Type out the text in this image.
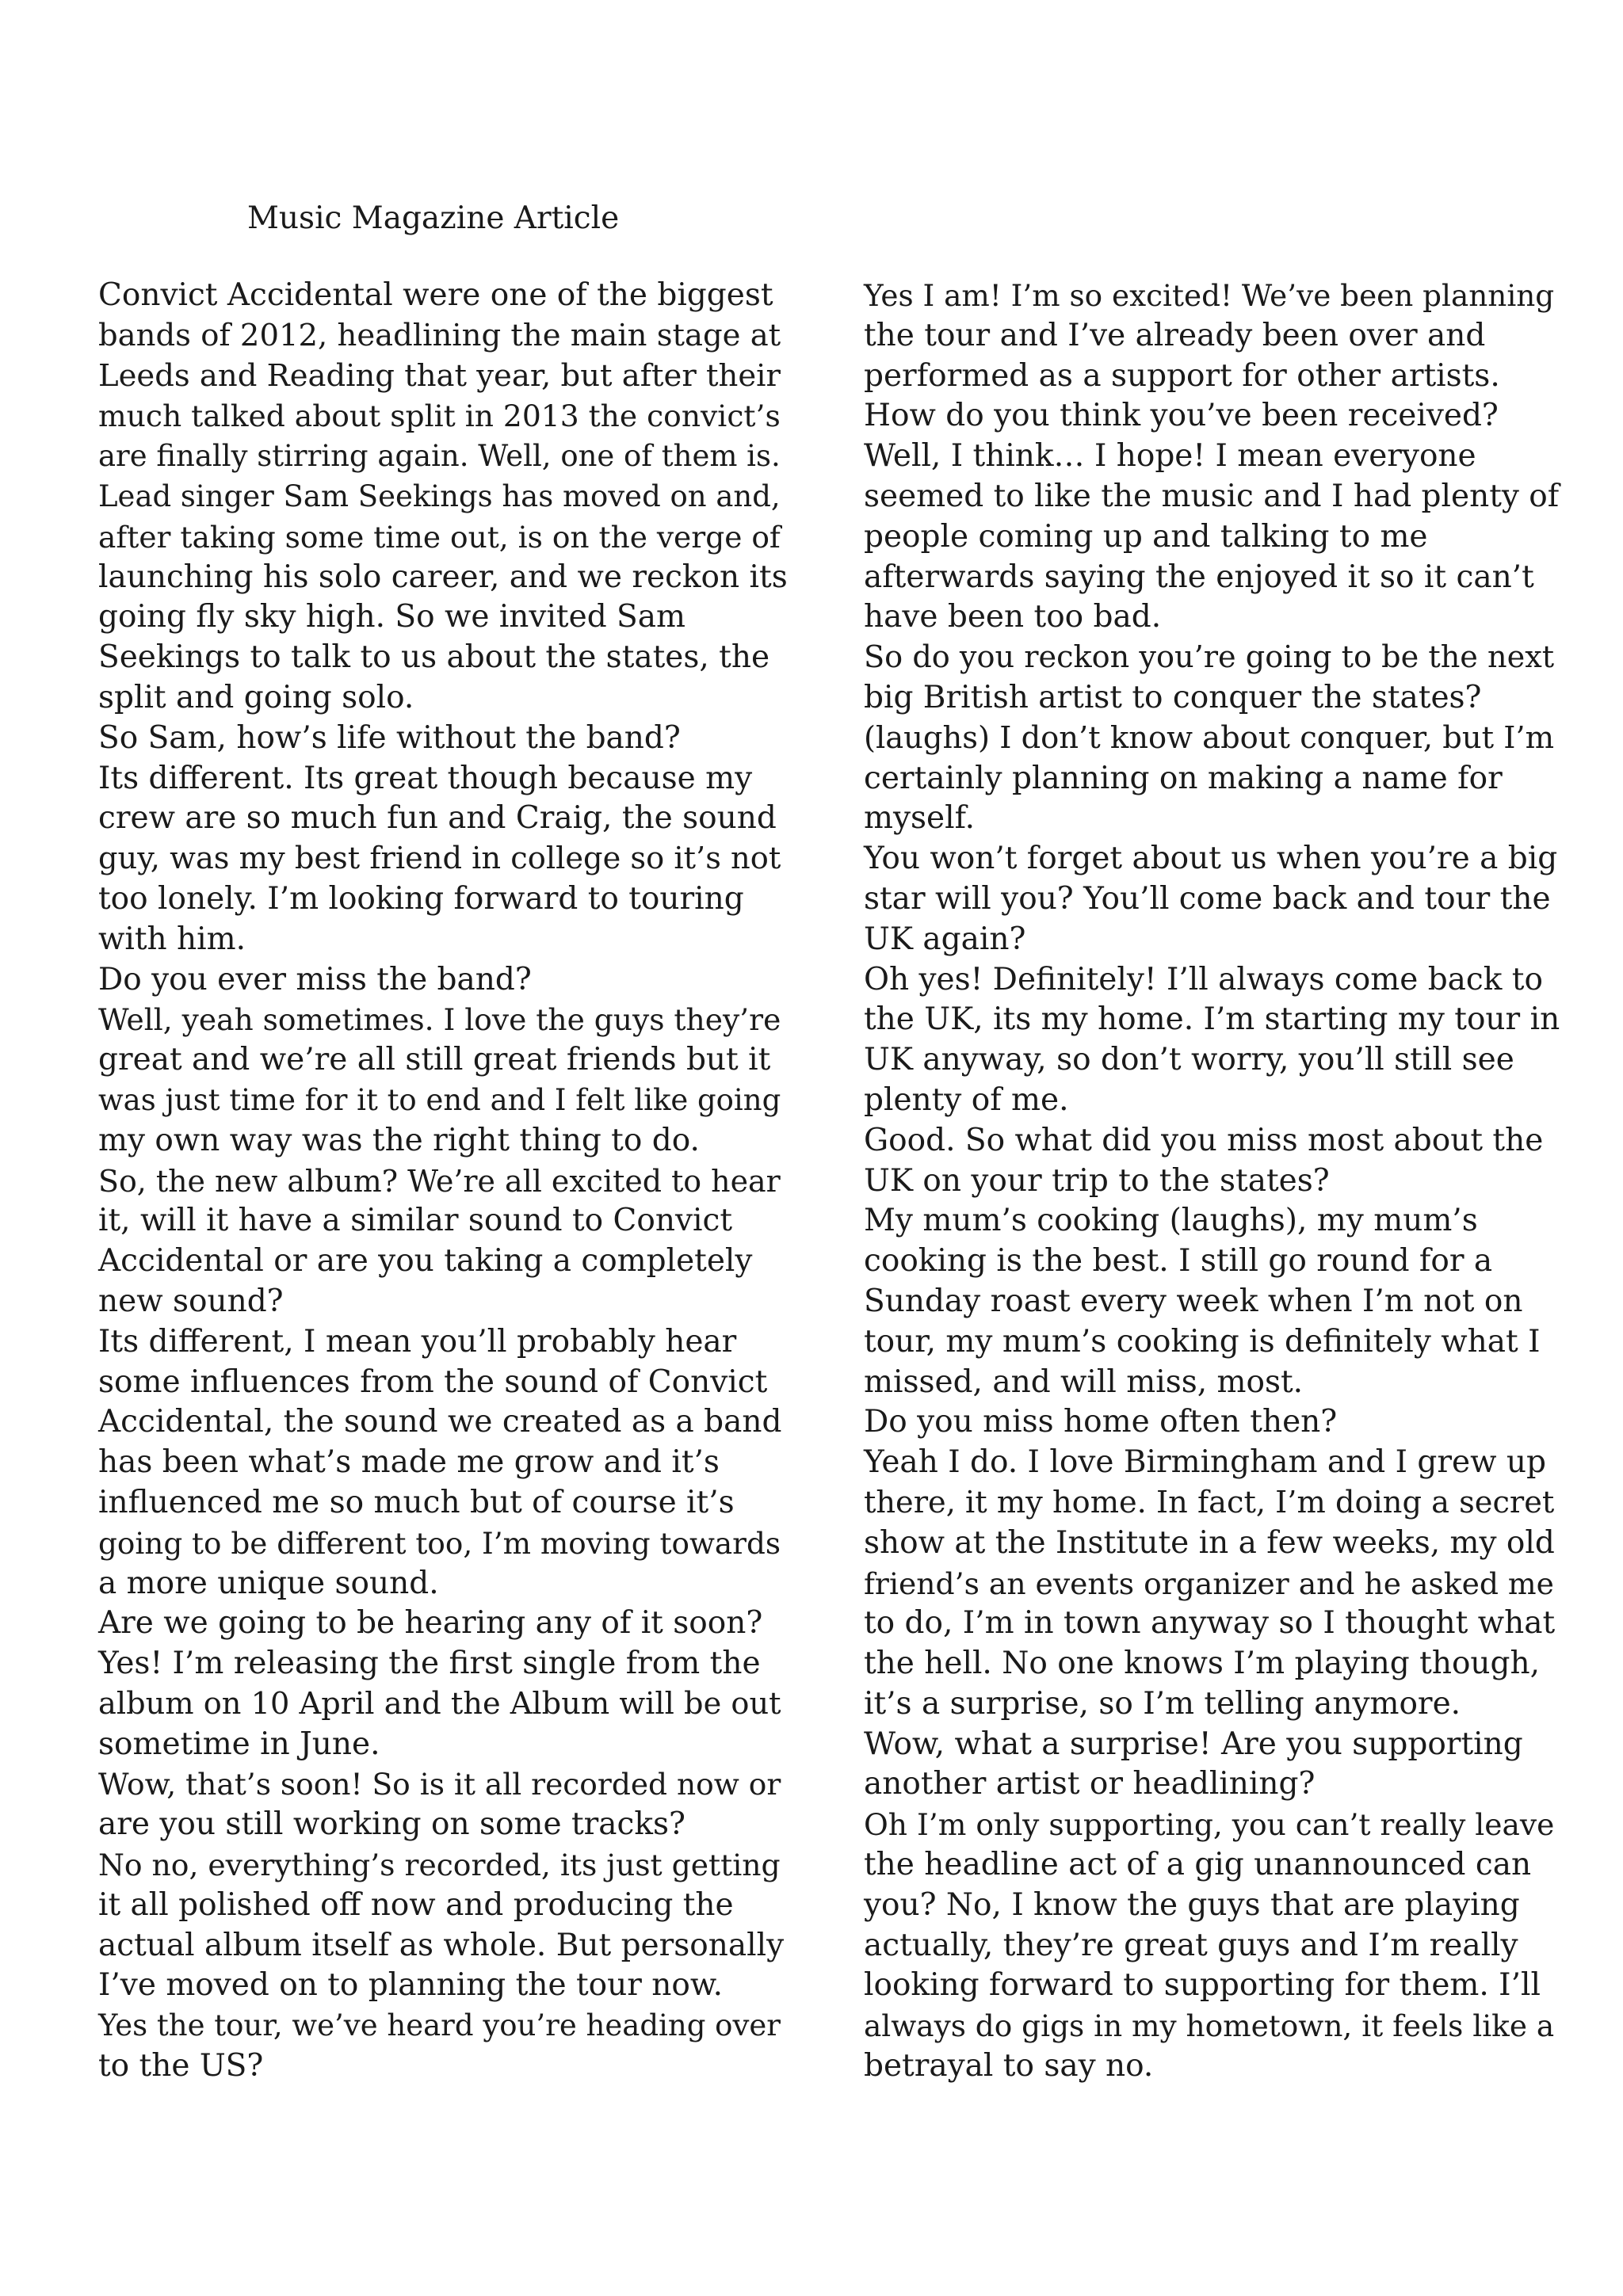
Music Magazine Article
Convict Accidental were one of the biggest
bands of 2012, headlining the main stage at
Leeds and Reading that year, but after their
much talked about split in 2013 the convict’s
are finally stirring again. Well, one of them is.
Lead singer Sam Seekings has moved on and,
after taking some time out, is on the verge of
launching his solo career, and we reckon its
going fly sky high. So we invited Sam
Seekings to talk to us about the states, the
split and going solo.
So Sam, how’s life without the band?
Its different. Its great though because my
crew are so much fun and Craig, the sound
guy, was my best friend in college so it’s not
too lonely. I’m looking forward to touring
with him.
Do you ever miss the band?
Well, yeah sometimes. I love the guys they’re
great and we’re all still great friends but it
was just time for it to end and I felt like going
my own way was the right thing to do.
So, the new album? We’re all excited to hear
it, will it have a similar sound to Convict
Accidental or are you taking a completely
new sound?
Its different, I mean you’ll probably hear
some influences from the sound of Convict
Accidental, the sound we created as a band
has been what’s made me grow and it’s
influenced me so much but of course it’s
going to be different too, I’m moving towards
a more unique sound.
Are we going to be hearing any of it soon?
Yes! I’m releasing the first single from the
album on 10 April and the Album will be out
sometime in June.
Wow, that’s soon! So is it all recorded now or
are you still working on some tracks?
No no, everything’s recorded, its just getting
it all polished off now and producing the
actual album itself as whole. But personally
I’ve moved on to planning the tour now.
Yes the tour, we’ve heard you’re heading over
to the US?
Yes I am! I’m so excited! We’ve been planning
the tour and I’ve already been over and
performed as a support for other artists.
How do you think you’ve been received?
Well, I think… I hope! I mean everyone
seemed to like the music and I had plenty of
people coming up and talking to me
afterwards saying the enjoyed it so it can’t
have been too bad.
So do you reckon you’re going to be the next
big British artist to conquer the states?
(laughs) I don’t know about conquer, but I’m
certainly planning on making a name for
myself.
You won’t forget about us when you’re a big
star will you? You’ll come back and tour the
UK again?
Oh yes! Definitely! I’ll always come back to
the UK, its my home. I’m starting my tour in
UK anyway, so don’t worry, you’ll still see
plenty of me.
Good. So what did you miss most about the
UK on your trip to the states?
My mum’s cooking (laughs), my mum’s
cooking is the best. I still go round for a
Sunday roast every week when I’m not on
tour, my mum’s cooking is definitely what I
missed, and will miss, most.
Do you miss home often then?
Yeah I do. I love Birmingham and I grew up
there, it my home. In fact, I’m doing a secret
show at the Institute in a few weeks, my old
friend’s an events organizer and he asked me
to do, I’m in town anyway so I thought what
the hell. No one knows I’m playing though,
it’s a surprise, so I’m telling anymore.
Wow, what a surprise! Are you supporting
another artist or headlining?
Oh I’m only supporting, you can’t really leave
the headline act of a gig unannounced can
you? No, I know the guys that are playing
actually, they’re great guys and I’m really
looking forward to supporting for them. I’ll
always do gigs in my hometown, it feels like a
betrayal to say no.
